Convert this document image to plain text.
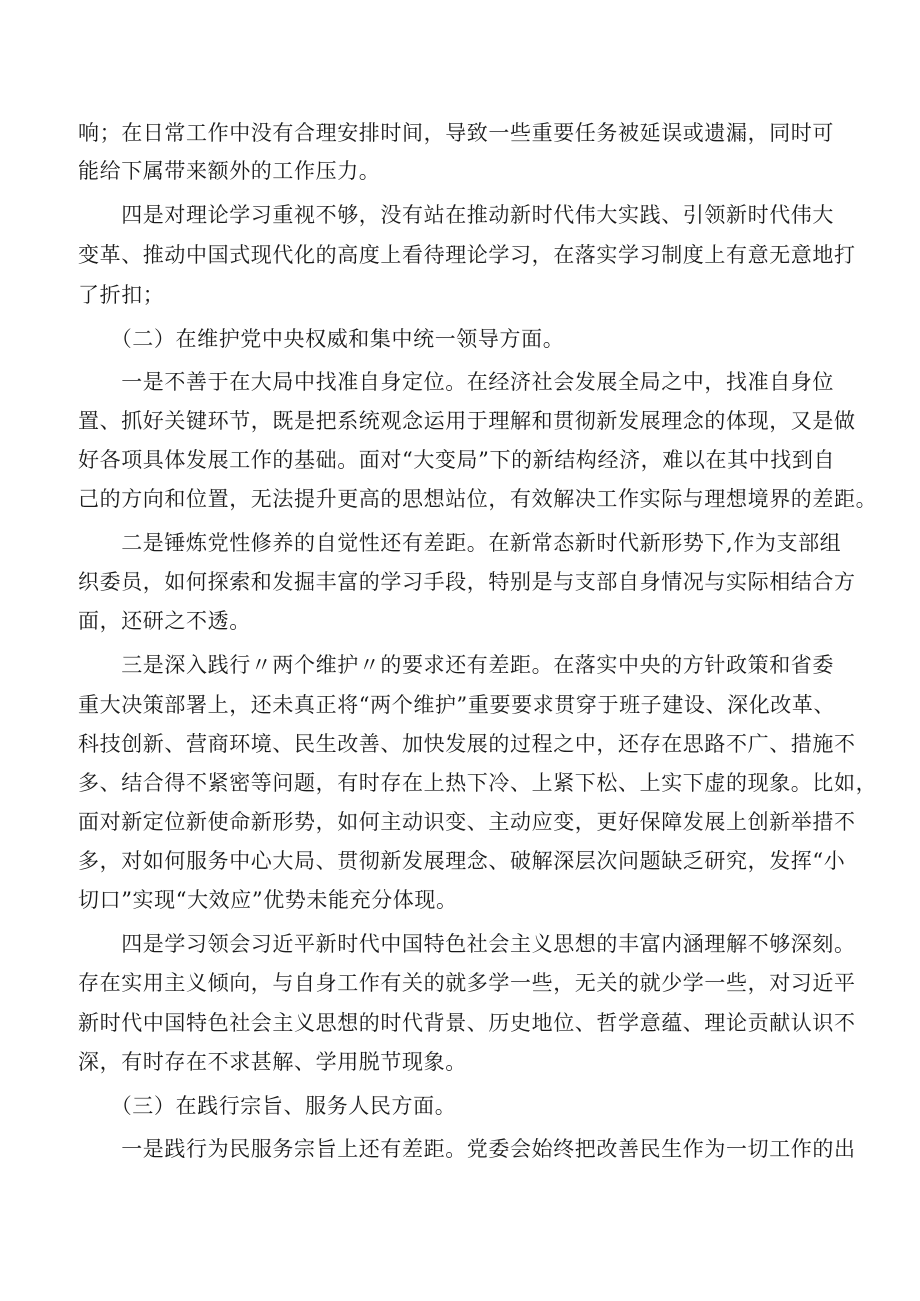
响；在日常工作中没有合理安排时间，导致一些重要任务被延误或遗漏，同时可
能给下属带来额外的工作压力。
　　四是对理论学习重视不够，没有站在推动新时代伟大实践、引领新时代伟大
变革、推动中国式现代化的高度上看待理论学习，在落实学习制度上有意无意地打
了折扣；
　　（二）在维护党中央权威和集中统一领导方面。
　　一是不善于在大局中找准自身定位。在经济社会发展全局之中，找准自身位
置、抓好关键环节，既是把系统观念运用于理解和贯彻新发展理念的体现，又是做
好各项具体发展工作的基础。面对“大变局”下的新结构经济，难以在其中找到自
己的方向和位置，无法提升更高的思想站位，有效解决工作实际与理想境界的差距。
　　二是锤炼党性修养的自觉性还有差距。在新常态新时代新形势下,作为支部组
织委员，如何探索和发掘丰富的学习手段，特别是与支部自身情况与实际相结合方
面，还研之不透。
　　三是深入践行〃两个维护〃的要求还有差距。在落实中央的方针政策和省委
重大决策部署上，还未真正将“两个维护”重要要求贯穿于班子建设、深化改革、
科技创新、营商环境、民生改善、加快发展的过程之中，还存在思路不广、措施不
多、结合得不紧密等问题，有时存在上热下冷、上紧下松、上实下虚的现象。比如，
面对新定位新使命新形势，如何主动识变、主动应变，更好保障发展上创新举措不
多，对如何服务中心大局、贯彻新发展理念、破解深层次问题缺乏研究，发挥“小
切口”实现“大效应”优势未能充分体现。
　　四是学习领会习近平新时代中国特色社会主义思想的丰富内涵理解不够深刻。
存在实用主义倾向，与自身工作有关的就多学一些，无关的就少学一些，对习近平
新时代中国特色社会主义思想的时代背景、历史地位、哲学意蕴、理论贡献认识不
深，有时存在不求甚解、学用脱节现象。
　　（三）在践行宗旨、服务人民方面。
　　一是践行为民服务宗旨上还有差距。党委会始终把改善民生作为一切工作的出
